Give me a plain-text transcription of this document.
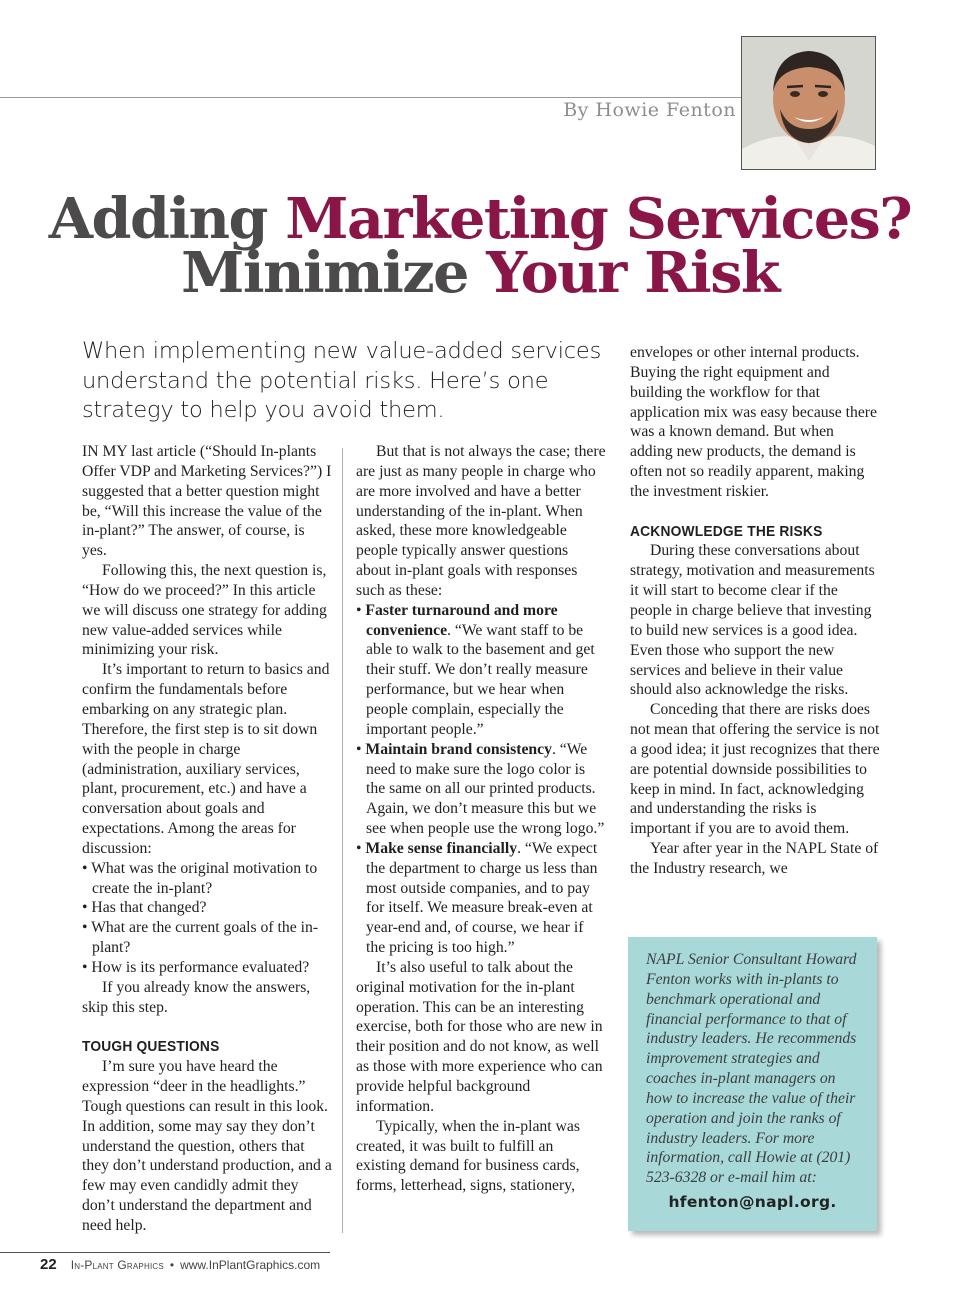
By Howie Fenton
Adding Marketing Services?
Minimize Your Risk
When implementing new value-added services understand the potential risks. Here’s one strategy to help you avoid them.

IN MY last article (“Should In-plants Offer VDP and Marketing Services?”) I suggested that a better question might be, “Will this increase the value of the in-plant?” The answer, of course, is yes.

Following this, the next question is, “How do we proceed?” In this article we will discuss one strategy for adding new value-added services while minimizing your risk.

It’s important to return to basics and confirm the fundamentals before embarking on any strategic plan. Therefore, the first step is to sit down with the people in charge (administration, auxiliary services, plant, procurement, etc.) and have a conversation about goals and expectations. Among the areas for discussion:

• What was the original motivation to create the in-plant?

• Has that changed?

• What are the current goals of the in-plant?

• How is its performance evaluated?

If you already know the answers, skip this step.

TOUGH QUESTIONS

I’m sure you have heard the expression “deer in the headlights.” Tough questions can result in this look. In addition, some may say they don’t understand the question, others that they don’t understand production, and a few may even candidly admit they don’t understand the department and need help.

But that is not always the case; there are just as many people in charge who are more involved and have a better understanding of the in-plant. When asked, these more knowledgeable people typically answer questions about in-plant goals with responses such as these:

• Faster turnaround and more convenience. “We want staff to be able to walk to the basement and get their stuff. We don’t really measure performance, but we hear when people complain, especially the important people.”

• Maintain brand consistency. “We need to make sure the logo color is the same on all our printed products. Again, we don’t measure this but we see when people use the wrong logo.”

• Make sense financially. “We expect the department to charge us less than most outside companies, and to pay for itself. We measure break-even at year-end and, of course, we hear if the pricing is too high.”

It’s also useful to talk about the original motivation for the in-plant operation. This can be an interesting exercise, both for those who are new in their position and do not know, as well as those with more experience who can provide helpful background information.

Typically, when the in-plant was created, it was built to fulfill an existing demand for business cards, forms, letterhead, signs, stationery,

envelopes or other internal products. Buying the right equipment and building the workflow for that application mix was easy because there was a known demand. But when adding new products, the demand is often not so readily apparent, making the investment riskier.

ACKNOWLEDGE THE RISKS

During these conversations about strategy, motivation and measurements it will start to become clear if the people in charge believe that investing to build new services is a good idea. Even those who support the new services and believe in their value should also acknowledge the risks.

Conceding that there are risks does not mean that offering the service is not a good idea; it just recognizes that there are potential downside possibilities to keep in mind. In fact, acknowledging and understanding the risks is important if you are to avoid them.

Year after year in the NAPL State of the Industry research, we

NAPL Senior Consultant Howard Fenton works with in-plants to benchmark operational and financial performance to that of industry leaders. He recommends improvement strategies and coaches in-plant managers on how to increase the value of their operation and join the ranks of industry leaders. For more information, call Howie at (201) 523-6328 or e-mail him at:
hfenton@napl.org.
22 In-Plant Graphics • www.InPlantGraphics.com
